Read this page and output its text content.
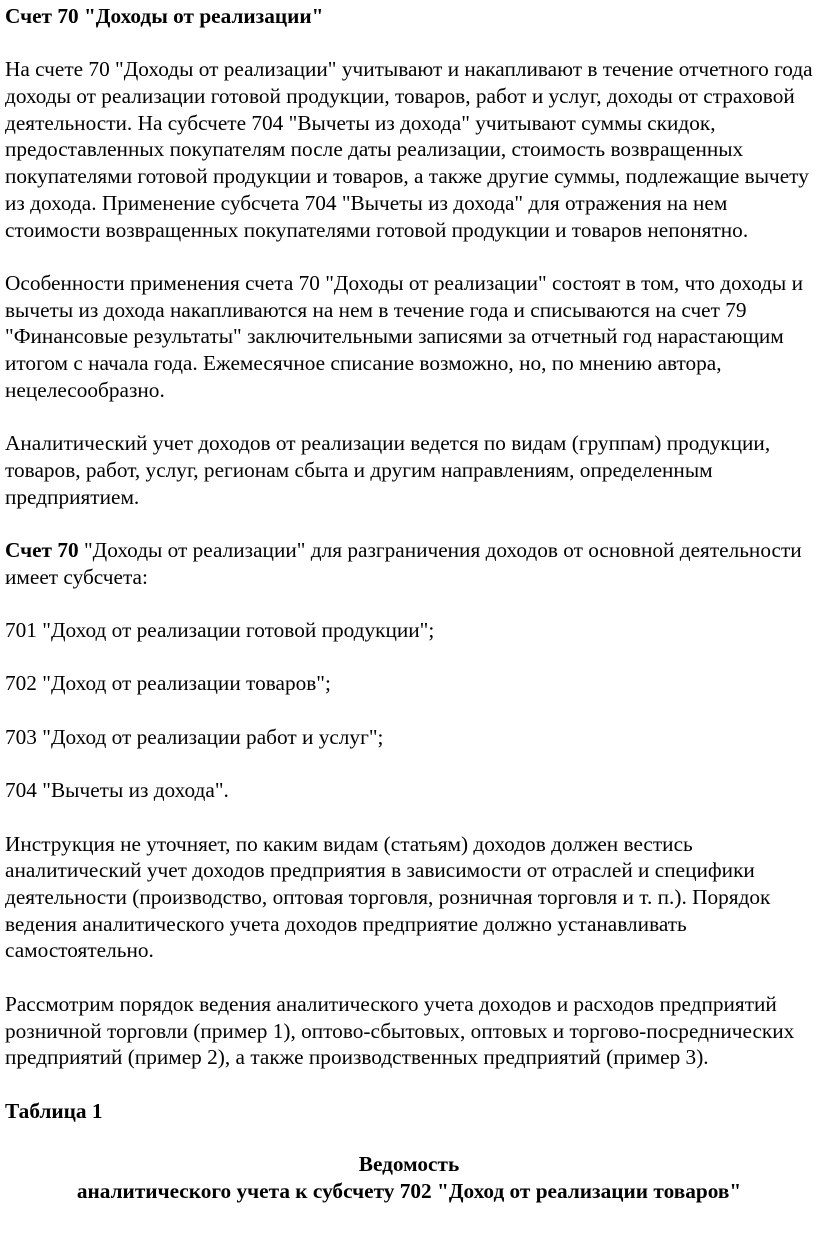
Счет 70 "Доходы от реализации"

На счете 70 "Доходы от реализации" учитывают и накапливают в течение отчетного года доходы от реализации готовой продукции, товаров, работ и услуг, доходы от страховой деятельности. На субсчете 704 "Вычеты из дохода" учитывают суммы скидок, предоставленных покупателям после даты реализации, стоимость возвращенных покупателями готовой продукции и товаров, а также другие суммы, подлежащие вычету из дохода. Применение субсчета 704 "Вычеты из дохода" для отражения на нем стоимости возвращенных покупателями готовой продукции и товаров непонятно.

Особенности применения счета 70 "Доходы от реализации" состоят в том, что доходы и вычеты из дохода накапливаются на нем в течение года и списываются на счет 79 "Финансовые результаты" заключительными записями за отчетный год нарастающим итогом с начала года. Ежемесячное списание возможно, но, по мнению автора, нецелесообразно.

Аналитический учет доходов от реализации ведется по видам (группам) продукции, товаров, работ, услуг, регионам сбыта и другим направлениям, определенным предприятием.

Счет 70 "Доходы от реализации" для разграничения доходов от основной деятельности имеет субсчета:

701 "Доход от реализации готовой продукции";

702 "Доход от реализации товаров";

703 "Доход от реализации работ и услуг";

704 "Вычеты из дохода".

Инструкция не уточняет, по каким видам (статьям) доходов должен вестись аналитический учет доходов предприятия в зависимости от отраслей и специфики деятельности (производство, оптовая торговля, розничная торговля и т. п.). Порядок ведения аналитического учета доходов предприятие должно устанавливать самостоятельно.

Рассмотрим порядок ведения аналитического учета доходов и расходов предприятий розничной торговли (пример 1), оптово-сбытовых, оптовых и торгово-посреднических предприятий (пример 2), а также производственных предприятий (пример 3).

Таблица 1

Ведомость

аналитического учета к субсчету 702 "Доход от реализации товаров"
